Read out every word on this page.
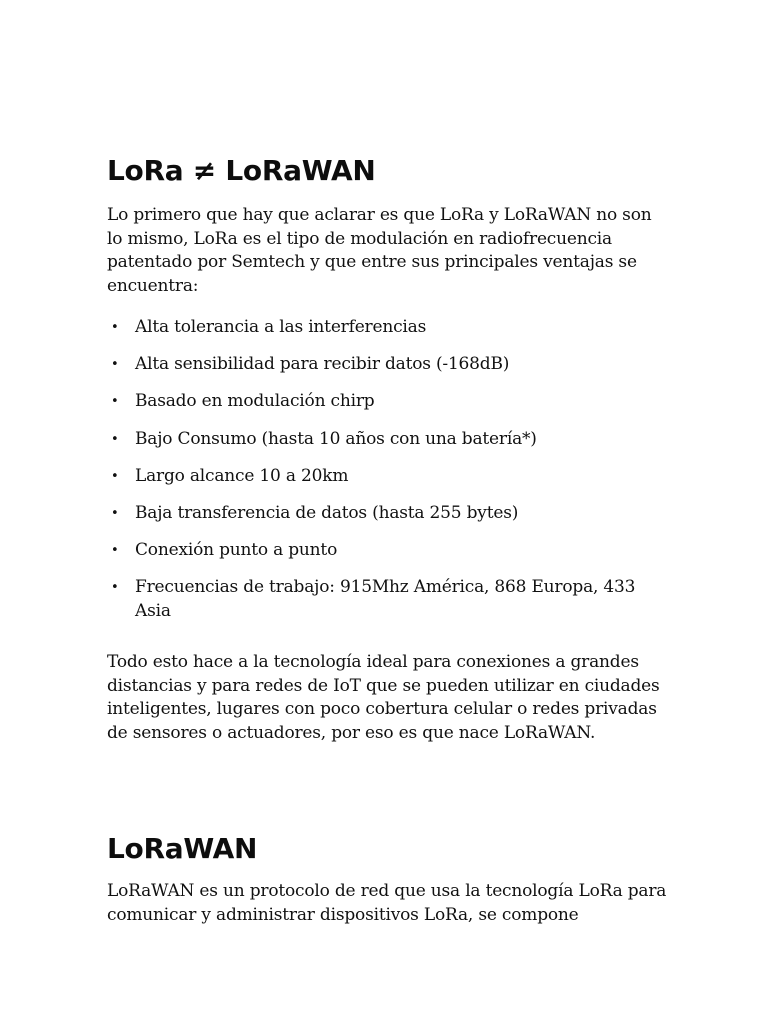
LoRa ≠ LoRaWAN

Lo primero que hay que aclarar es que LoRa y LoRaWAN no son lo mismo, LoRa es el tipo de modulación en radiofrecuencia patentado por Semtech y que entre sus principales ventajas se encuentra:

• Alta tolerancia a las interferencias
• Alta sensibilidad para recibir datos (-168dB)
• Basado en modulación chirp
• Bajo Consumo (hasta 10 años con una batería*)
• Largo alcance 10 a 20km
• Baja transferencia de datos (hasta 255 bytes)
• Conexión punto a punto
• Frecuencias de trabajo: 915Mhz América, 868 Europa, 433 Asia

Todo esto hace a la tecnología ideal para conexiones a grandes distancias y para redes de IoT que se pueden utilizar en ciudades inteligentes, lugares con poco cobertura celular o redes privadas de sensores o actuadores, por eso es que nace LoRaWAN.

LoRaWAN

LoRaWAN es un protocolo de red que usa la tecnología LoRa para comunicar y administrar dispositivos LoRa, se compone
